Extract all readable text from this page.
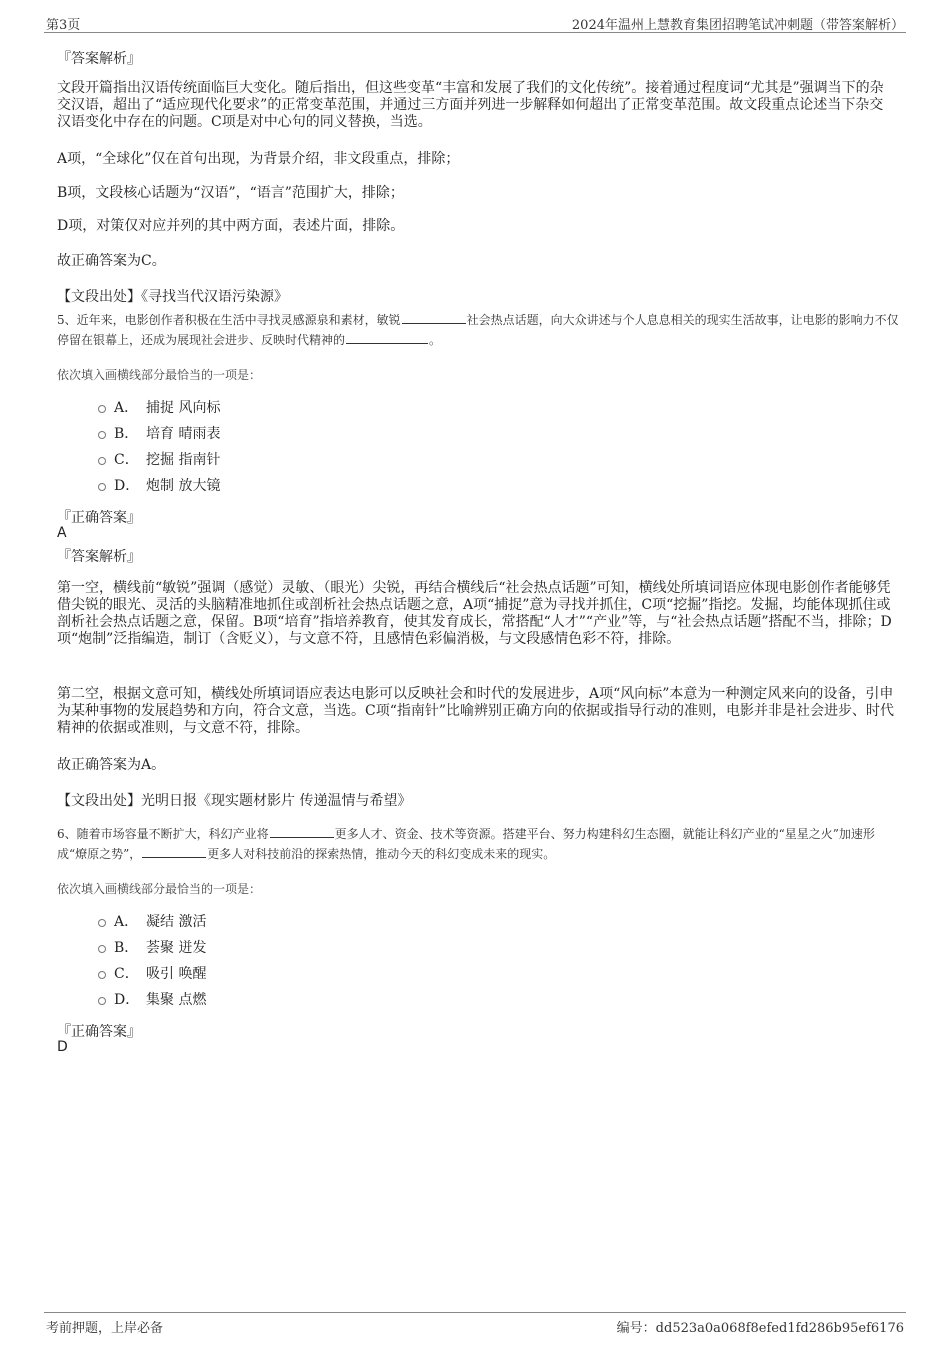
第3页	2024年温州上慧教育集团招聘笔试冲刺题（带答案解析）
『答案解析』
文段开篇指出汉语传统面临巨大变化。随后指出，但这些变革“丰富和发展了我们的文化传统”。接着通过程度词“尤其是”强调当下的杂交汉语，超出了“适应现代化要求”的正常变革范围，并通过三方面并列进一步解释如何超出了正常变革范围。故文段重点论述当下杂交汉语变化中存在的问题。C项是对中心句的同义替换，当选。
A项，“全球化”仅在首句出现，为背景介绍，非文段重点，排除；
B项，文段核心话题为“汉语”，“语言”范围扩大，排除；
D项，对策仅对应并列的其中两方面，表述片面，排除。
故正确答案为C。
【文段出处】《寻找当代汉语污染源》
5、近年来，电影创作者积极在生活中寻找灵感源泉和素材，敏锐	社会热点话题，向大众讲述与个人息息相关的现实生活故事，让电影的影响力不仅停留在银幕上，还成为展现社会进步、反映时代精神的	。
依次填入画横线部分最恰当的一项是：
A． 捕捉 风向标
B． 培育 晴雨表
C． 挖掘 指南针
D． 炮制 放大镜
『正确答案』
A
『答案解析』
第一空，横线前“敏锐”强调（感觉）灵敏、（眼光）尖锐，再结合横线后“社会热点话题”可知，横线处所填词语应体现电影创作者能够凭借尖锐的眼光、灵活的头脑精准地抓住或剖析社会热点话题之意，A项“捕捉”意为寻找并抓住，C项“挖掘”指挖。发掘，均能体现抓住或剖析社会热点话题之意，保留。B项“培育”指培养教育，使其发育成长，常搭配“人才”“产业”等，与“社会热点话题”搭配不当，排除；D项“炮制”泛指编造，制订（含贬义），与文意不符，且感情色彩偏消极，与文段感情色彩不符，排除。
第二空，根据文意可知，横线处所填词语应表达电影可以反映社会和时代的发展进步，A项“风向标”本意为一种测定风来向的设备，引申为某种事物的发展趋势和方向，符合文意，当选。C项“指南针”比喻辨别正确方向的依据或指导行动的准则，电影并非是社会进步、时代精神的依据或准则，与文意不符，排除。
故正确答案为A。
【文段出处】光明日报《现实题材影片 传递温情与希望》
6、随着市场容量不断扩大，科幻产业将	更多人才、资金、技术等资源。搭建平台、努力构建科幻生态圈，就能让科幻产业的“星星之火”加速形成“燎原之势”，	更多人对科技前沿的探索热情，推动今天的科幻变成未来的现实。
依次填入画横线部分最恰当的一项是：
A． 凝结 激活
B． 荟聚 迸发
C． 吸引 唤醒
D． 集聚 点燃
『正确答案』
D
考前押题，上岸必备	编号：dd523a0a068f8efed1fd286b95ef6176
